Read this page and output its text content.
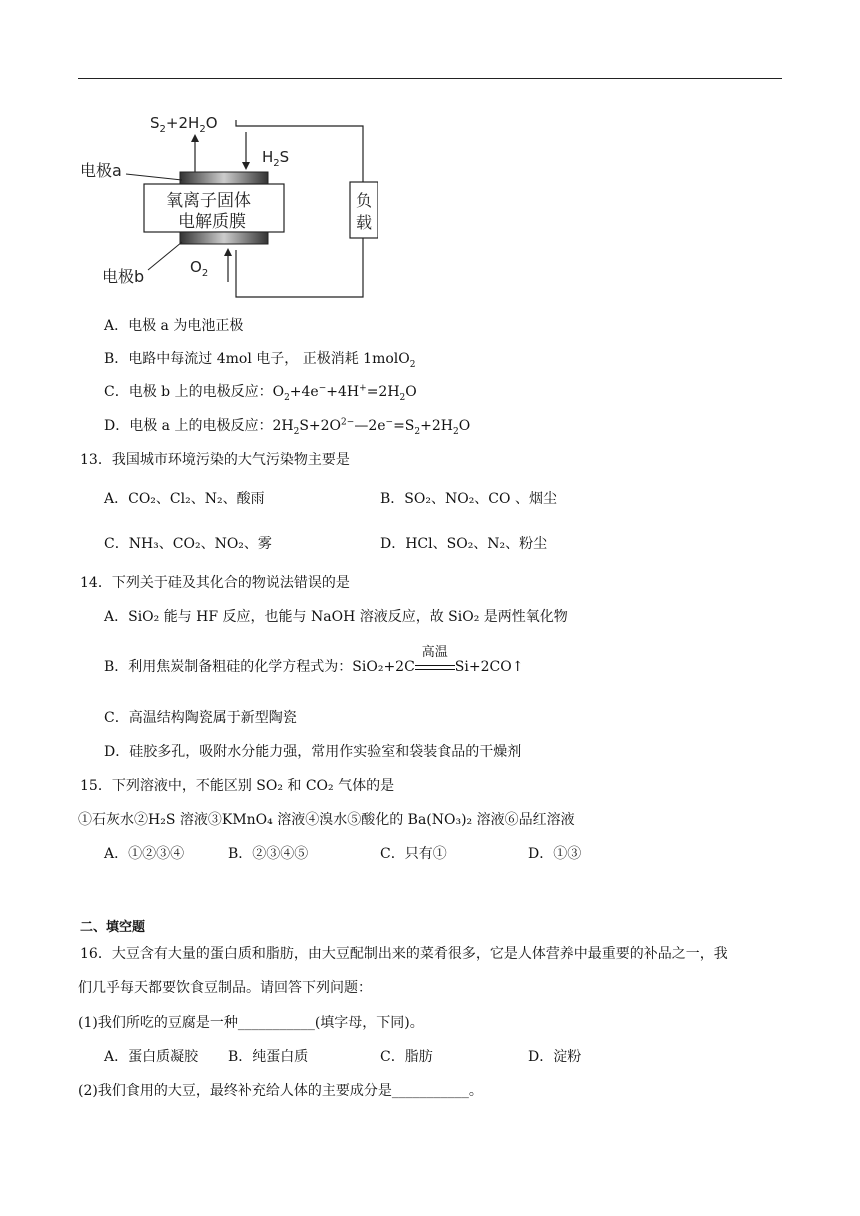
$S_2+2H_2O$
$H_2S$
负
载
氧离子固体
电解质膜
电极a
电极b	$O_2$
A．电极 a 为电池正极
B．电路中每流过 4mol 电子， 正极消耗 1molO$_2$
C．电极 b 上的电极反应：$O_2+4e^-+4H^+=2H_2O$
D．电极 a 上的电极反应：$2H_2S+2O^{2-}—2e^-=S_2+2H_2O$
13．我国城市环境污染的大气污染物主要是
A．CO₂、Cl₂、N₂、酸雨	B．SO₂、NO₂、CO 、烟尘
C．NH₃、CO₂、NO₂、雾	D．HCl、SO₂、N₂、粉尘
14．下列关于硅及其化合的物说法错误的是
A．SiO₂ 能与 HF 反应，也能与 NaOH 溶液反应，故 SiO₂ 是两性氧化物
B．利用焦炭制备粗硅的化学方程式为：SiO₂+2C
高温
Si+2CO↑
C．高温结构陶瓷属于新型陶瓷
D．硅胶多孔，吸附水分能力强，常用作实验室和袋装食品的干燥剂
15．下列溶液中，不能区别 SO₂ 和 CO₂ 气体的是
①石灰水②H₂S 溶液③KMnO₄ 溶液④溴水⑤酸化的 Ba(NO₃)₂ 溶液⑥品红溶液
A．①②③④	B．②③④⑤	C．只有①	D．①③
二、填空题
16．大豆含有大量的蛋白质和脂肪，由大豆配制出来的菜肴很多，它是人体营养中最重要的补品之一，我
们几乎每天都要饮食豆制品。请回答下列问题：
(1)我们所吃的豆腐是一种___________(填字母，下同)。
A．蛋白质凝胶 B．纯蛋白质	C．脂肪	D．淀粉
(2)我们食用的大豆，最终补充给人体的主要成分是___________。
